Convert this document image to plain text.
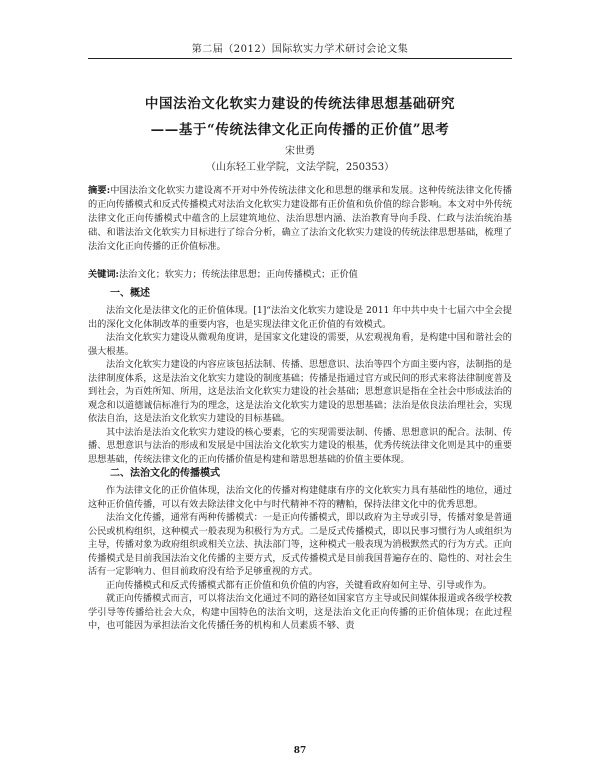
第二届（2012）国际软实力学术研讨会论文集
中国法治文化软实力建设的传统法律思想基础研究
——基于“传统法律文化正向传播的正价值”思考
宋世勇
（山东轻工业学院，文法学院，250353）
摘要:中国法治文化软实力建设离不开对中外传统法律文化和思想的继承和发展。这种传统法律文化传播的正向传播模式和反式传播模式对法治文化软实力建设都有正价值和负价值的综合影响。本文对中外传统法律文化正向传播模式中蕴含的上层建筑地位、法治思想内涵、法治教育导向手段、仁政与法治统治基础、和谐法治文化软实力目标进行了综合分析，确立了法治文化软实力建设的传统法律思想基础，梳理了法治文化正向传播的正价值标准。
关键词:法治文化；软实力；传统法律思想；正向传播模式；正价值
一、概述

法治文化是法律文化的正价值体现。[1]“法治文化软实力建设是 2011 年中共中央十七届六中全会提出的深化文化体制改革的重要内容，也是实现法律文化正价值的有效模式。

法治文化软实力建设从微观角度讲，是国家文化建设的需要，从宏观视角看，是构建中国和谐社会的强大根基。

法治文化软实力建设的内容应该包括法制、传播、思想意识、法治等四个方面主要内容，法制指的是法律制度体系，这是法治文化软实力建设的制度基础；传播是指通过官方或民间的形式来将法律制度普及到社会，为百姓所知、所用，这是法治文化软实力建设的社会基础；思想意识是指在全社会中形成法治的观念和以道德诚信标准行为的理念，这是法治文化软实力建设的思想基础；法治是依良法治理社会，实现依法自治，这是法治文化软实力建设的目标基础。

其中法治是法治文化软实力建设的核心要素，它的实现需要法制、传播、思想意识的配合。法制、传播、思想意识与法治的形成和发展是中国法治文化软实力建设的根基，优秀传统法律文化则是其中的重要思想基础，传统法律文化的正向传播价值是构建和谐思想基础的价值主要体现。

二、法治文化的传播模式

作为法律文化的正价值体现，法治文化的传播对构建健康有序的文化软实力具有基础性的地位，通过这种正价值传播，可以有效去除法律文化中与时代精神不符的糟粕，保持法律文化中的优秀思想。

法治文化传播，通常有两种传播模式：一是正向传播模式，即以政府为主导或引导，传播对象是普通公民或机构组织，这种模式一般表现为积极行为方式。二是反式传播模式，即以民事习惯行为人或组织为主导，传播对象为政府组织或相关立法、执法部门等，这种模式一般表现为消极默然式的行为方式。正向传播模式是目前我国法治文化传播的主要方式，反式传播模式是目前我国普遍存在的、隐性的、对社会生活有一定影响力、但目前政府没有给予足够重视的方式。

正向传播模式和反式传播模式都有正价值和负价值的内容，关键看政府如何主导、引导或作为。

就正向传播模式而言，可以将法治文化通过不同的路径如国家官方主导或民间媒体报道或各级学校教学引导等传播给社会大众，构建中国特色的法治文明，这是法治文化正向传播的正价值体现；在此过程中，也可能因为承担法治文化传播任务的机构和人员素质不够、责

87
